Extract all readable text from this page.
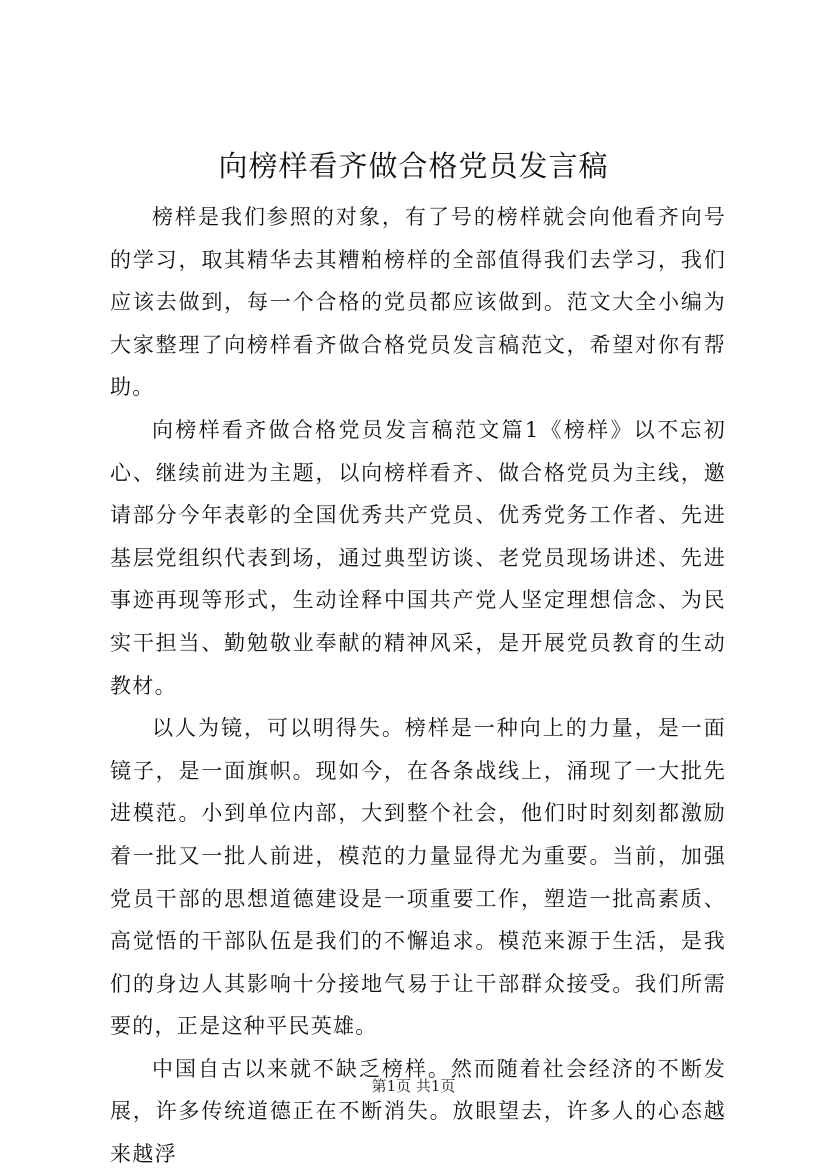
向榜样看齐做合格党员发言稿

榜样是我们参照的对象，有了号的榜样就会向他看齐向号的学习，取其精华去其糟粕榜样的全部值得我们去学习，我们应该去做到，每一个合格的党员都应该做到。范文大全小编为大家整理了向榜样看齐做合格党员发言稿范文，希望对你有帮助。

向榜样看齐做合格党员发言稿范文篇1《榜样》以不忘初心、继续前进为主题，以向榜样看齐、做合格党员为主线，邀请部分今年表彰的全国优秀共产党员、优秀党务工作者、先进基层党组织代表到场，通过典型访谈、老党员现场讲述、先进事迹再现等形式，生动诠释中国共产党人坚定理想信念、为民实干担当、勤勉敬业奉献的精神风采，是开展党员教育的生动教材。

以人为镜，可以明得失。榜样是一种向上的力量，是一面镜子，是一面旗帜。现如今，在各条战线上，涌现了一大批先进模范。小到单位内部，大到整个社会，他们时时刻刻都激励着一批又一批人前进，模范的力量显得尤为重要。当前，加强党员干部的思想道德建设是一项重要工作，塑造一批高素质、高觉悟的干部队伍是我们的不懈追求。模范来源于生活，是我们的身边人其影响十分接地气易于让干部群众接受。我们所需要的，正是这种平民英雄。

中国自古以来就不缺乏榜样。然而随着社会经济的不断发展，许多传统道德正在不断消失。放眼望去，许多人的心态越来越浮

第1页 共1页
